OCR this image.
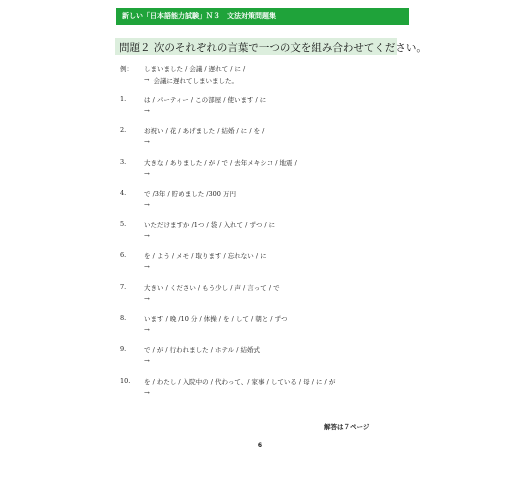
新しい「日本語能力試験」Ｎ３　文法対策問題集
問題２ 次のそれぞれの言葉で一つの文を組み合わせてください。
例：	しまいました / 会議 / 遅れて / に /
→ 会議に遅れてしまいました。
1.	は / パーティー / この部屋 / 使います / に
→
2.	お祝い / 花 / あげました / 結婚 / に / を /
→
3.	大きな / ありました / が / で / 去年メキシコ / 地震 /
→
4.	で /3年 / 貯めました /300 万円
→
5.	いただけますか /1つ / 袋 / 入れて / ずつ / に
→
6.	を / よう / メモ / 取ります / 忘れない / に
→
7.	大きい / ください / もう少し / 声 / 言って / で
→
8.	います / 晩 /10 分 / 体操 / を / して / 朝と / ずつ
→
9.	で / が / 行われました / ホテル / 結婚式
→
10. を / わたし / 入院中の / 代わって、/ 家事 / している / 母 / に / が
→
解答は７ページ
6
